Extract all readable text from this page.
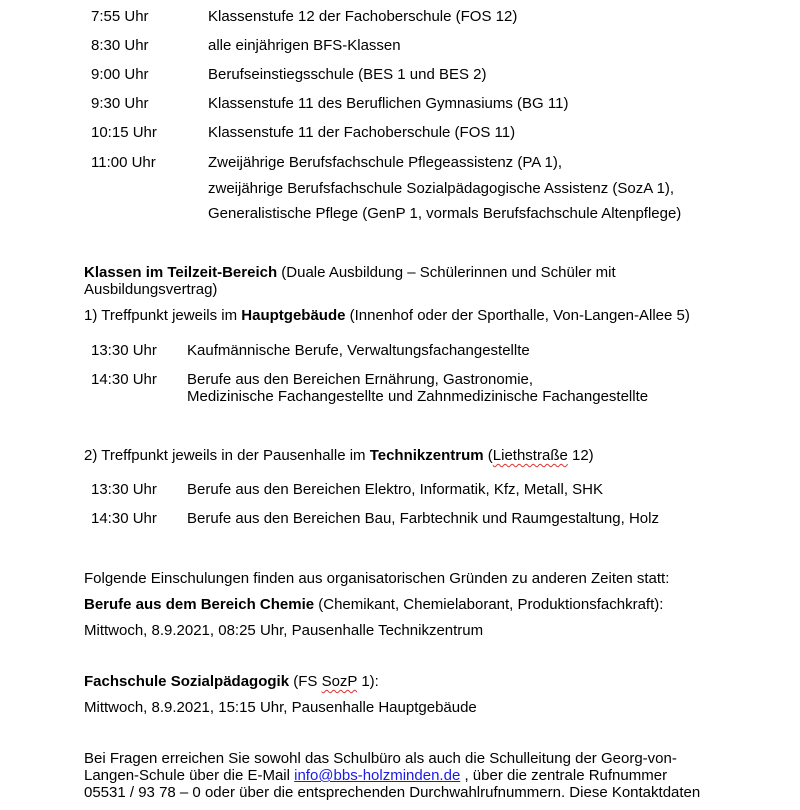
7:55 Uhr	Klassenstufe 12 der Fachoberschule (FOS 12)
8:30 Uhr	alle einjährigen BFS-Klassen
9:00 Uhr	Berufseinstiegsschule (BES 1 und BES 2)
9:30 Uhr	Klassenstufe 11 des Beruflichen Gymnasiums (BG 11)
10:15 Uhr	Klassenstufe 11 der Fachoberschule (FOS 11)
11:00 Uhr	Zweijährige Berufsfachschule Pflegeassistenz (PA 1),
zweijährige Berufsfachschule Sozialpädagogische Assistenz (SozA 1),
Generalistische Pflege (GenP 1, vormals Berufsfachschule Altenpflege)
Klassen im Teilzeit-Bereich (Duale Ausbildung – Schülerinnen und Schüler mit
Ausbildungsvertrag)
1) Treffpunkt jeweils im Hauptgebäude (Innenhof oder der Sporthalle, Von-Langen-Allee 5)
13:30 Uhr Kaufmännische Berufe, Verwaltungsfachangestellte
14:30 Uhr Berufe aus den Bereichen Ernährung, Gastronomie,
Medizinische Fachangestellte und Zahnmedizinische Fachangestellte
2) Treffpunkt jeweils in der Pausenhalle im Technikzentrum (Liethstraße 12)
13:30 Uhr Berufe aus den Bereichen Elektro, Informatik, Kfz, Metall, SHK
14:30 Uhr Berufe aus den Bereichen Bau, Farbtechnik und Raumgestaltung, Holz
Folgende Einschulungen finden aus organisatorischen Gründen zu anderen Zeiten statt:
Berufe aus dem Bereich Chemie (Chemikant, Chemielaborant, Produktionsfachkraft):
Mittwoch, 8.9.2021, 08:25 Uhr, Pausenhalle Technikzentrum
Fachschule Sozialpädagogik (FS SozP 1):
Mittwoch, 8.9.2021, 15:15 Uhr, Pausenhalle Hauptgebäude
Bei Fragen erreichen Sie sowohl das Schulbüro als auch die Schulleitung der Georg-von-
Langen-Schule über die E-Mail info@bbs-holzminden.de , über die zentrale Rufnummer
05531 / 93 78 – 0 oder über die entsprechenden Durchwahlrufnummern. Diese Kontaktdaten
